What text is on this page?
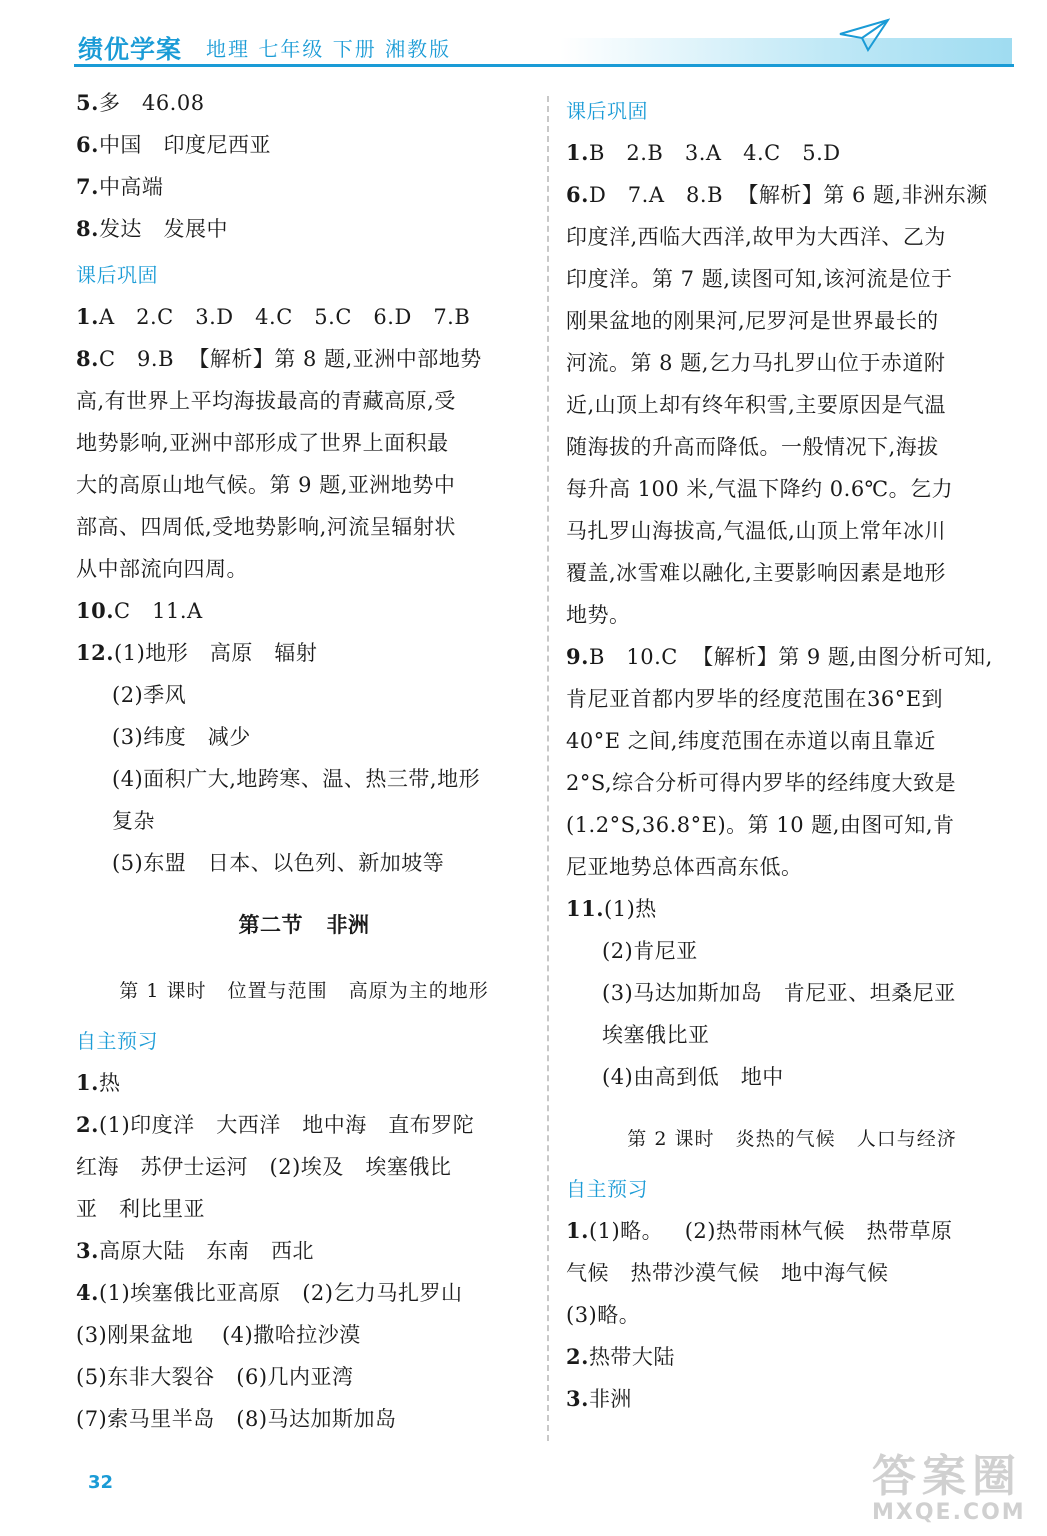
绩优学案 地理 七年级 下册 湘教版
5.多   46.08
6.中国   印度尼西亚
7.中高端
8.发达   发展中
课后巩固
1.A   2.C   3.D   4.C   5.C   6.D   7.B
8.C   9.B  【解析】第 8 题,亚洲中部地势
高,有世界上平均海拔最高的青藏高原,受
地势影响,亚洲中部形成了世界上面积最
大的高原山地气候。第 9 题,亚洲地势中
部高、四周低,受地势影响,河流呈辐射状
从中部流向四周。
10.C   11.A
12.(1)地形   高原   辐射
(2)季风
(3)纬度   减少
(4)面积广大,地跨寒、温、热三带,地形
复杂
(5)东盟   日本、以色列、新加坡等
第二节   非洲
第 1 课时   位置与范围   高原为主的地形
自主预习
1.热
2.(1)印度洋   大西洋   地中海   直布罗陀
红海   苏伊士运河   (2)埃及   埃塞俄比
亚   利比里亚
3.高原大陆   东南   西北
4.(1)埃塞俄比亚高原   (2)乞力马扎罗山
(3)刚果盆地    (4)撒哈拉沙漠
(5)东非大裂谷   (6)几内亚湾
(7)索马里半岛   (8)马达加斯加岛
课后巩固
1.B   2.B   3.A   4.C   5.D
6.D   7.A   8.B  【解析】第 6 题,非洲东濒
印度洋,西临大西洋,故甲为大西洋、乙为
印度洋。第 7 题,读图可知,该河流是位于
刚果盆地的刚果河,尼罗河是世界最长的
河流。第 8 题,乞力马扎罗山位于赤道附
近,山顶上却有终年积雪,主要原因是气温
随海拔的升高而降低。一般情况下,海拔
每升高 100 米,气温下降约 0.6℃。乞力
马扎罗山海拔高,气温低,山顶上常年冰川
覆盖,冰雪难以融化,主要影响因素是地形
地势。
9.B   10.C  【解析】第 9 题,由图分析可知,
肯尼亚首都内罗毕的经度范围在36°E到
40°E 之间,纬度范围在赤道以南且靠近
2°S,综合分析可得内罗毕的经纬度大致是
(1.2°S,36.8°E)。第 10 题,由图可知,肯
尼亚地势总体西高东低。
11.(1)热
(2)肯尼亚
(3)马达加斯加岛   肯尼亚、坦桑尼亚
埃塞俄比亚
(4)由高到低   地中
第 2 课时   炎热的气候   人口与经济
自主预习
1.(1)略。   (2)热带雨林气候   热带草原
气候   热带沙漠气候   地中海气候
(3)略。
2.热带大陆
3.非洲
32	答案圈
MXQE.COM
